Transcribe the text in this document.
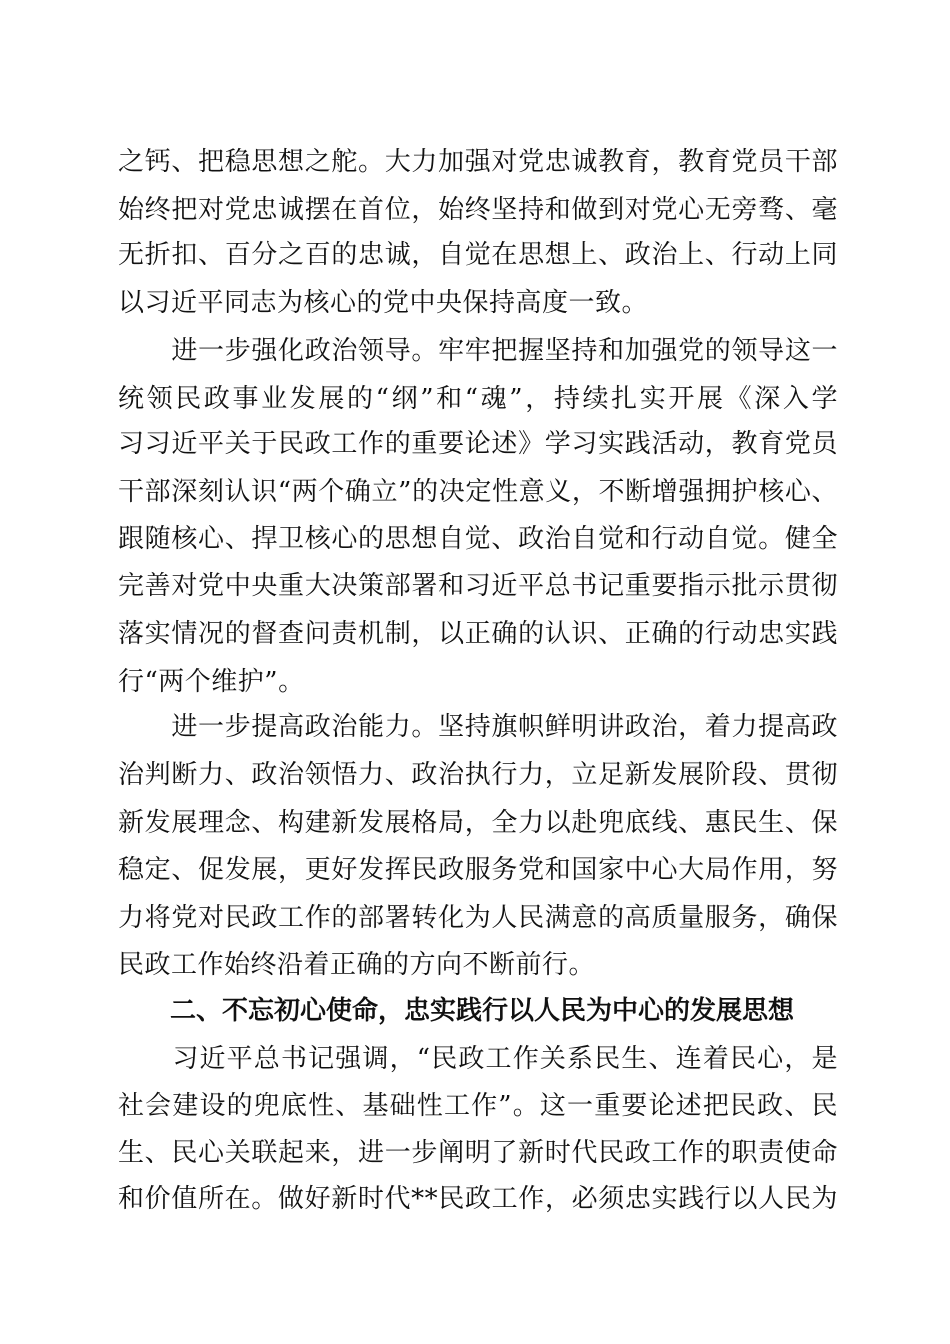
之钙、把稳思想之舵。大力加强对党忠诚教育，教育党员干部
始终把对党忠诚摆在首位，始终坚持和做到对党心无旁骛、毫
无折扣、百分之百的忠诚，自觉在思想上、政治上、行动上同
以习近平同志为核心的党中央保持高度一致。
　　进一步强化政治领导。牢牢把握坚持和加强党的领导这一
统领民政事业发展的“纲”和“魂”，持续扎实开展《深入学
习习近平关于民政工作的重要论述》学习实践活动，教育党员
干部深刻认识“两个确立”的决定性意义，不断增强拥护核心、
跟随核心、捍卫核心的思想自觉、政治自觉和行动自觉。健全
完善对党中央重大决策部署和习近平总书记重要指示批示贯彻
落实情况的督查问责机制，以正确的认识、正确的行动忠实践
行“两个维护”。
　　进一步提高政治能力。坚持旗帜鲜明讲政治，着力提高政
治判断力、政治领悟力、政治执行力，立足新发展阶段、贯彻
新发展理念、构建新发展格局，全力以赴兜底线、惠民生、保
稳定、促发展，更好发挥民政服务党和国家中心大局作用，努
力将党对民政工作的部署转化为人民满意的高质量服务，确保
民政工作始终沿着正确的方向不断前行。
　　二、不忘初心使命，忠实践行以人民为中心的发展思想
　　习近平总书记强调，“民政工作关系民生、连着民心，是
社会建设的兜底性、基础性工作”。这一重要论述把民政、民
生、民心关联起来，进一步阐明了新时代民政工作的职责使命
和价值所在。做好新时代**民政工作，必须忠实践行以人民为
